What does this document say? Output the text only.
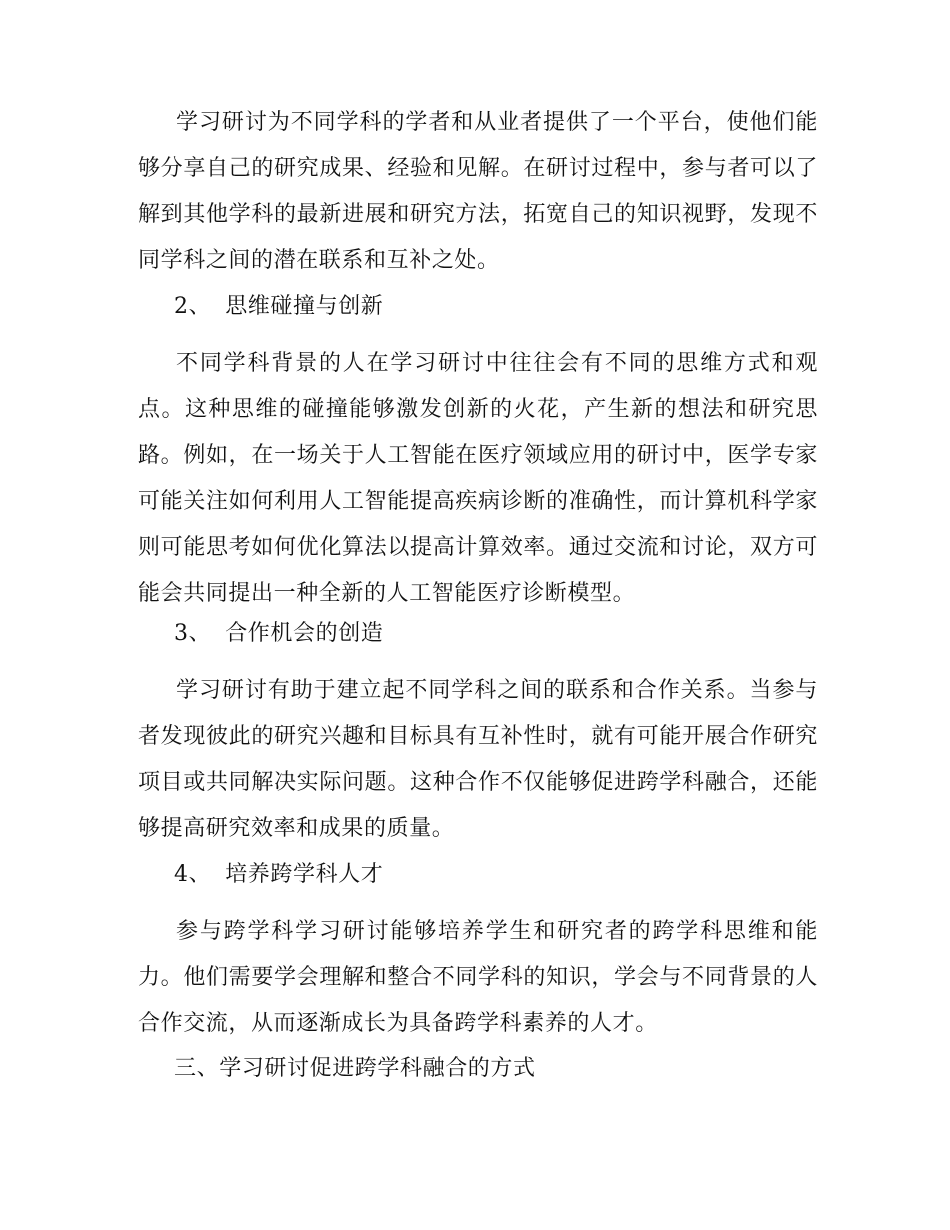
学习研讨为不同学科的学者和从业者提供了一个平台，使他们能够分享自己的研究成果、经验和见解。在研讨过程中，参与者可以了解到其他学科的最新进展和研究方法，拓宽自己的知识视野，发现不同学科之间的潜在联系和互补之处。

2、 思维碰撞与创新

不同学科背景的人在学习研讨中往往会有不同的思维方式和观点。这种思维的碰撞能够激发创新的火花，产生新的想法和研究思路。例如，在一场关于人工智能在医疗领域应用的研讨中，医学专家可能关注如何利用人工智能提高疾病诊断的准确性，而计算机科学家则可能思考如何优化算法以提高计算效率。通过交流和讨论，双方可能会共同提出一种全新的人工智能医疗诊断模型。

3、 合作机会的创造

学习研讨有助于建立起不同学科之间的联系和合作关系。当参与者发现彼此的研究兴趣和目标具有互补性时，就有可能开展合作研究项目或共同解决实际问题。这种合作不仅能够促进跨学科融合，还能够提高研究效率和成果的质量。

4、 培养跨学科人才

参与跨学科学习研讨能够培养学生和研究者的跨学科思维和能力。他们需要学会理解和整合不同学科的知识，学会与不同背景的人合作交流，从而逐渐成长为具备跨学科素养的人才。

三、学习研讨促进跨学科融合的方式
